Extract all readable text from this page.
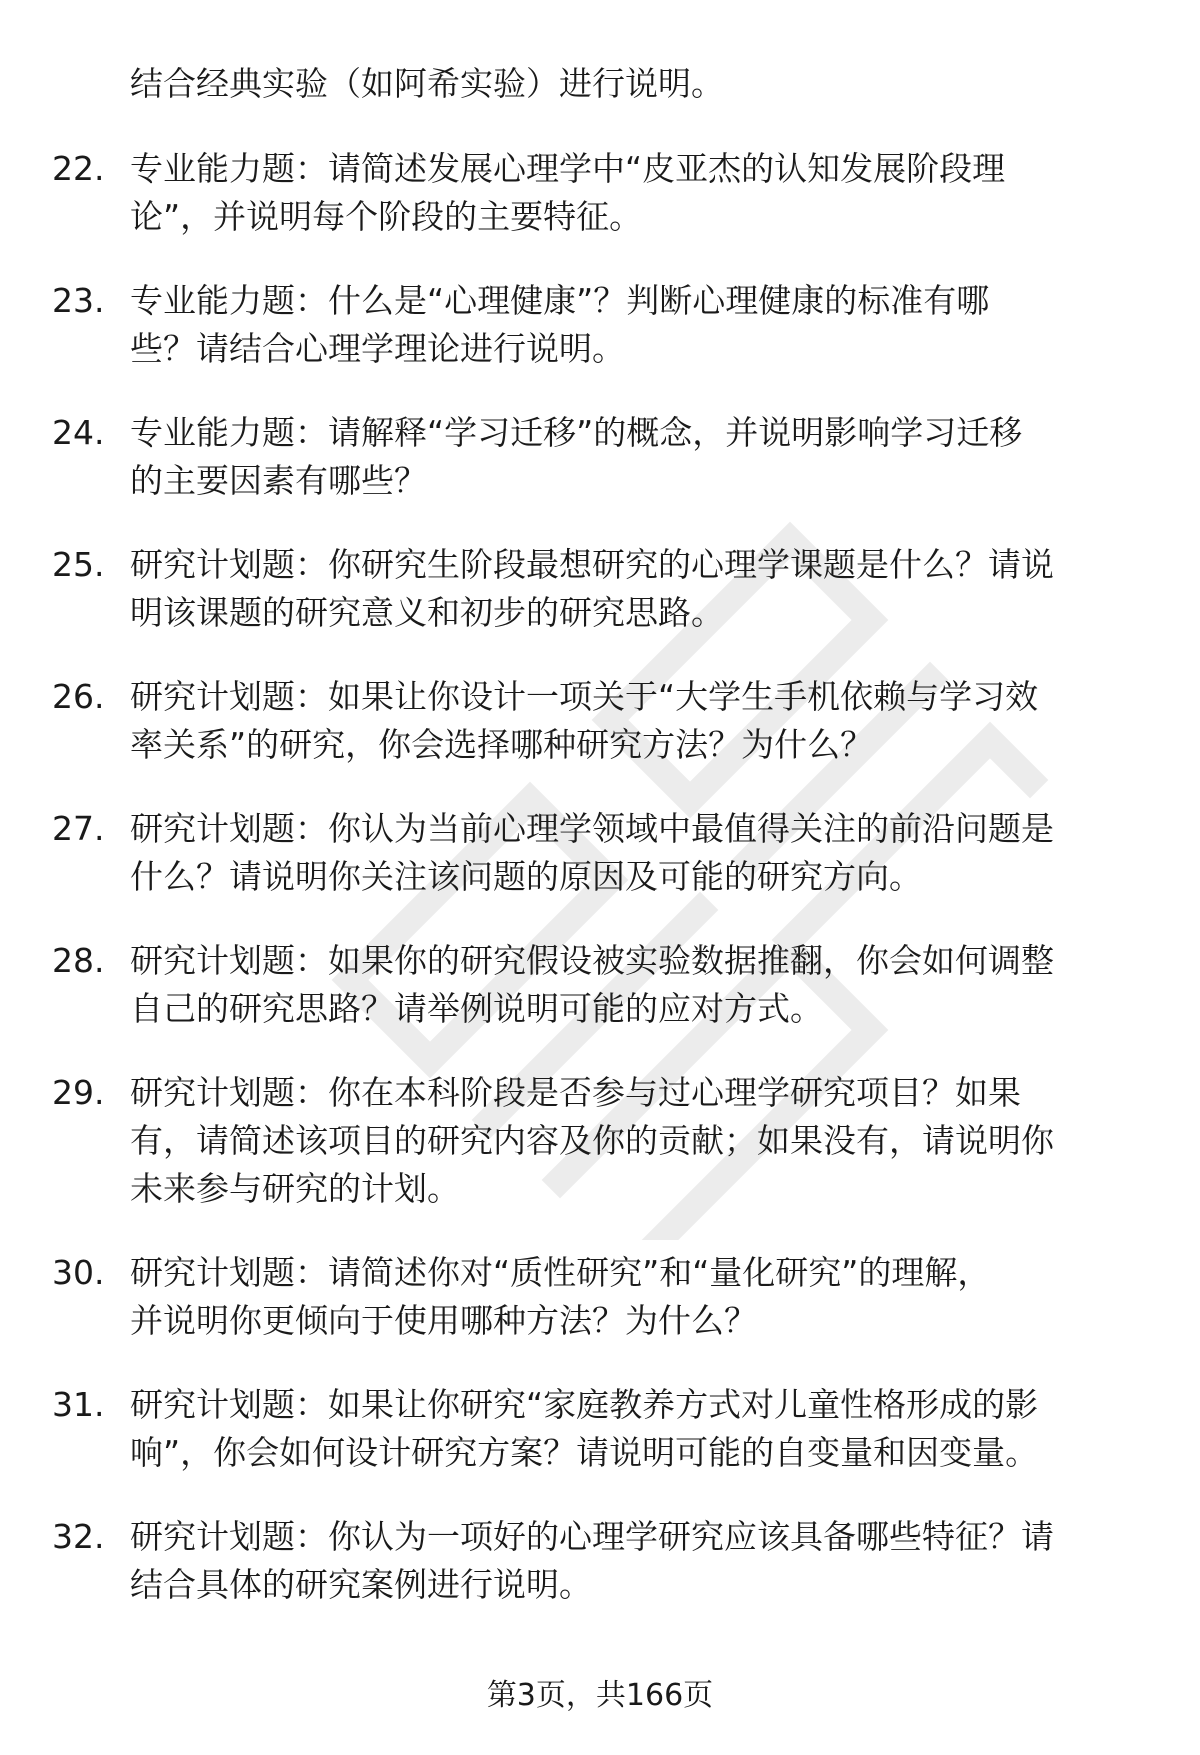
结合经典实验（如阿希实验）进行说明。

22. 专业能力题：请简述发展心理学中“皮亚杰的认知发展阶段理
论”，并说明每个阶段的主要特征。
23. 专业能力题：什么是“心理健康”？判断心理健康的标准有哪
些？请结合心理学理论进行说明。
24. 专业能力题：请解释“学习迁移”的概念，并说明影响学习迁移
的主要因素有哪些？
25. 研究计划题：你研究生阶段最想研究的心理学课题是什么？请说
明该课题的研究意义和初步的研究思路。
26. 研究计划题：如果让你设计一项关于“大学生手机依赖与学习效
率关系”的研究，你会选择哪种研究方法？为什么？
27. 研究计划题：你认为当前心理学领域中最值得关注的前沿问题是
什么？请说明你关注该问题的原因及可能的研究方向。
28. 研究计划题：如果你的研究假设被实验数据推翻，你会如何调整
自己的研究思路？请举例说明可能的应对方式。
29. 研究计划题：你在本科阶段是否参与过心理学研究项目？如果
有，请简述该项目的研究内容及你的贡献；如果没有，请说明你
未来参与研究的计划。
30. 研究计划题：请简述你对“质性研究”和“量化研究”的理解，
并说明你更倾向于使用哪种方法？为什么？
31. 研究计划题：如果让你研究“家庭教养方式对儿童性格形成的影
响”，你会如何设计研究方案？请说明可能的自变量和因变量。
32. 研究计划题：你认为一项好的心理学研究应该具备哪些特征？请
结合具体的研究案例进行说明。
第3页，共166页
